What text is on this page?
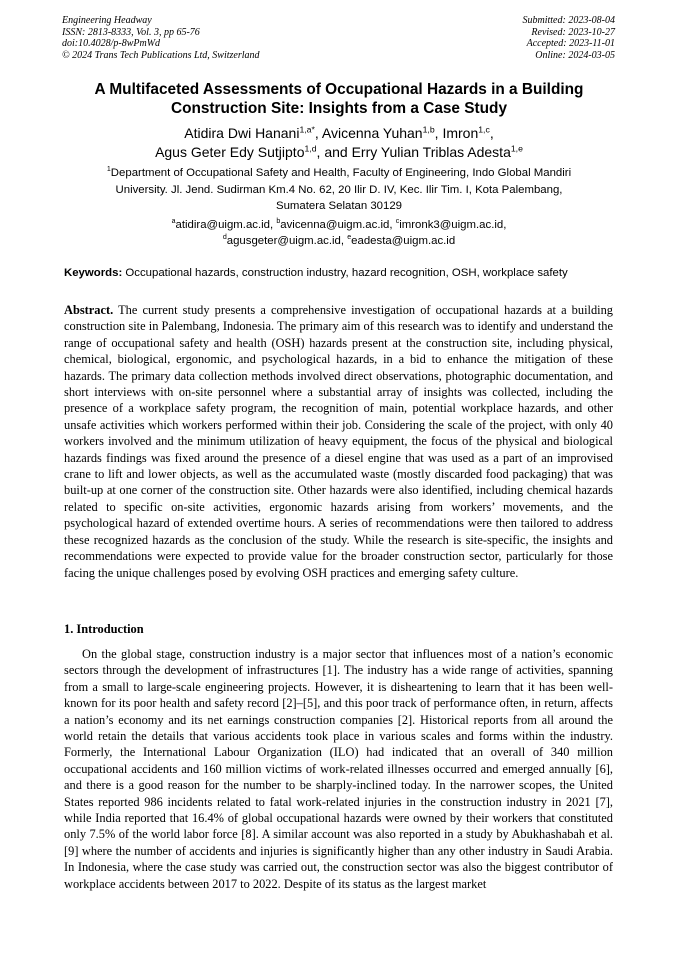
Engineering Headway
ISSN: 2813-8333, Vol. 3, pp 65-76
doi:10.4028/p-8wPmWd
© 2024 Trans Tech Publications Ltd, Switzerland
Submitted: 2023-08-04
Revised: 2023-10-27
Accepted: 2023-11-01
Online: 2024-03-05
A Multifaceted Assessments of Occupational Hazards in a Building
Construction Site: Insights from a Case Study
Atidira Dwi Hanani$^{1,a*}$, Avicenna Yuhan$^{1,b}$, Imron$^{1,c}$,
Agus Geter Edy Sutjipto$^{1,d}$, and Erry Yulian Triblas Adesta$^{1,e}$
$^1$Department of Occupational Safety and Health, Faculty of Engineering, Indo Global Mandiri
University. Jl. Jend. Sudirman Km.4 No. 62, 20 Ilir D. IV, Kec. Ilir Tim. I, Kota Palembang,
Sumatera Selatan 30129
$^a$atidira@uigm.ac.id, $^b$avicenna@uigm.ac.id, $^c$imronk3@uigm.ac.id,
$^d$agusgeter@uigm.ac.id, $^e$eadesta@uigm.ac.id
Keywords: Occupational hazards, construction industry, hazard recognition, OSH, workplace safety
Abstract. The current study presents a comprehensive investigation of occupational hazards at a building construction site in Palembang, Indonesia. The primary aim of this research was to identify and understand the range of occupational safety and health (OSH) hazards present at the construction site, including physical, chemical, biological, ergonomic, and psychological hazards, in a bid to enhance the mitigation of these hazards. The primary data collection methods involved direct observations, photographic documentation, and short interviews with on-site personnel where a substantial array of insights was collected, including the presence of a workplace safety program, the recognition of main, potential workplace hazards, and other unsafe activities which workers performed within their job. Considering the scale of the project, with only 40 workers involved and the minimum utilization of heavy equipment, the focus of the physical and biological hazards findings was fixed around the presence of a diesel engine that was used as a part of an improvised crane to lift and lower objects, as well as the accumulated waste (mostly discarded food packaging) that was built-up at one corner of the construction site. Other hazards were also identified, including chemical hazards related to specific on-site activities, ergonomic hazards arising from workers’ movements, and the psychological hazard of extended overtime hours. A series of recommendations were then tailored to address these recognized hazards as the conclusion of the study. While the research is site-specific, the insights and recommendations were expected to provide value for the broader construction sector, particularly for those facing the unique challenges posed by evolving OSH practices and emerging safety culture.
1. Introduction
On the global stage, construction industry is a major sector that influences most of a nation’s economic sectors through the development of infrastructures [1]. The industry has a wide range of activities, spanning from a small to large-scale engineering projects. However, it is disheartening to learn that it has been well-known for its poor health and safety record [2]–[5], and this poor track of performance often, in return, affects a nation’s economy and its net earnings construction companies [2]. Historical reports from all around the world retain the details that various accidents took place in various scales and forms within the industry. Formerly, the International Labour Organization (ILO) had indicated that an overall of 340 million occupational accidents and 160 million victims of work-related illnesses occurred and emerged annually [6], and there is a good reason for the number to be sharply-inclined today. In the narrower scopes, the United States reported 986 incidents related to fatal work-related injuries in the construction industry in 2021 [7], while India reported that 16.4% of global occupational hazards were owned by their workers that constituted only 7.5% of the world labor force [8]. A similar account was also reported in a study by Abukhashabah et al. [9] where the number of accidents and injuries is significantly higher than any other industry in Saudi Arabia. In Indonesia, where the case study was carried out, the construction sector was also the biggest contributor of workplace accidents between 2017 to 2022. Despite of its status as the largest market
